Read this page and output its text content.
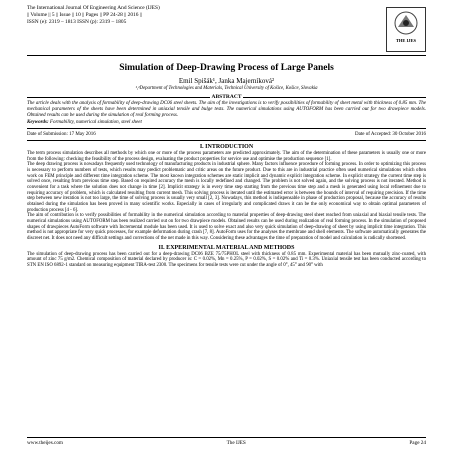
The International Journal Of Engineering And Science (IJES)
|| Volume || 5 || Issue || 10 || Pages || PP 24-28 || 2016 ||
ISSN (e): 2319 – 1813 ISSN (p): 2319 – 1805
THE IJES
Simulation of Deep-Drawing Process of Large Panels
Emil Spišák¹, Janka Majerníková²
¹,²Department of Technologies and Materials, Technical University of Košice, Košice, Slovakia
ABSTRACT

The article deals with the analysis of formability of deep-drawing DC06 steel sheets. The aim of the investigations is to verify possibilities of formability of sheet metal with thickness of 0.85 mm. The mechanical parameters of the sheets have been determined in uniaxial tensile and bulge tests. The numerical simulations using AUTOFORM has been carried out for two drawpiece models. Obtained results can be used during the simulation of real forming process.

Keywords: Formability, numerical simulation, steel sheet
Date of Submission: 17 May 2016	Date of Accepted: 30 October 2016
I. INTRODUCTION

The term process simulation describes all methods by which one or more of the process parameters are predicted approximately. The aim of the determination of these parameters is usually one or more from the following: checking the feasibility of the process design, evaluating the product properties for service use and optimise the production sequence [1].

The deep drawing process is nowadays frequently used technology of manufacturing products in industrial sphere. Many factors influence procedure of forming process. In order to optimizing this process is necessary to perform numbers of tests, which results may predict problematic and critic areas on the future product. Due to this are in industrial practice often used numerical simulations which often work on FEM principle and different time integration scheme. The most known integration schemes are static implicit and dynamic explicit integration scheme. In explicit strategy the current time step is solved once, resulting from previous time step. Based on required accuracy the mesh is locally redefined and changed. The problem is not solved again, and the solving process is not iterated. Method is convenient for a task where the solution does not change in time [2]. Implicit strategy is in every time step starting from the previous time step and a mesh is generated using local refinement due to requiring accuracy of problem, which is calculated resulting from current mesh. This solving process is iterated until the estimated error is between the bounds of interval of requiring precision. If the time step between new iteration is not too large, the time of solving process is usually very small [2, 3]. Nowadays, this method is indispensable in phase of production proposal, because the accuracy of results obtained during the simulation has been proved in many scientific works. Especially in cases of irregularly and complicated draws it can be the only economical way to obtain optimal parameters of production process [4 - 6].

The aim of contribution is to verify possibilities of formability in the numerical simulation according to material properties of deep-drawing steel sheet reached from uniaxial and biaxial tensile tests. The numerical simulations using AUTOFORM has been realized carried out on for two drawpiece models. Obtained results can be used during realization of real forming process. In the simulation of proposed shapes of drawpieces AutoForm software with Incremental module has been used. It is used to solve exact and also very quick simulation of deep-drawing of sheet by using implicit time integration. This method is not appropriate for very quick processes, for example deformation during crash [7, 8]. AutoForm uses for the analyses the membrane and shell elements. The software automatically generates the discreet net. It does not need any difficult settings and corrections of the net made in this way. Considering these advantages the time of preparation of model and calculation is radically shortened.

II. EXPERIMENTAL MATERIAL AND METHODS

The simulation of deep-drawing process has been carried out for a deep-drawing DC06 BZE 75/75PHOL steel with thickness of 0.85 mm. Experimental material has been mutually zinc-coated, with amount of zinc 75 g/m2. Chemical composition of material declared by producer is: C = 0.02%, Mn = 0.25%, P = 0.02%, S = 0.02% and Ti = 0.3%. Uniaxial tensile test has been conducted according to STN EN ISO 6892-1 standard on measuring equipment TIRA-test 2300. The specimens for tensile tests were cut under the angle of 0°, 45° and 90° with

www.theijes.com	The IJES	Page 24
